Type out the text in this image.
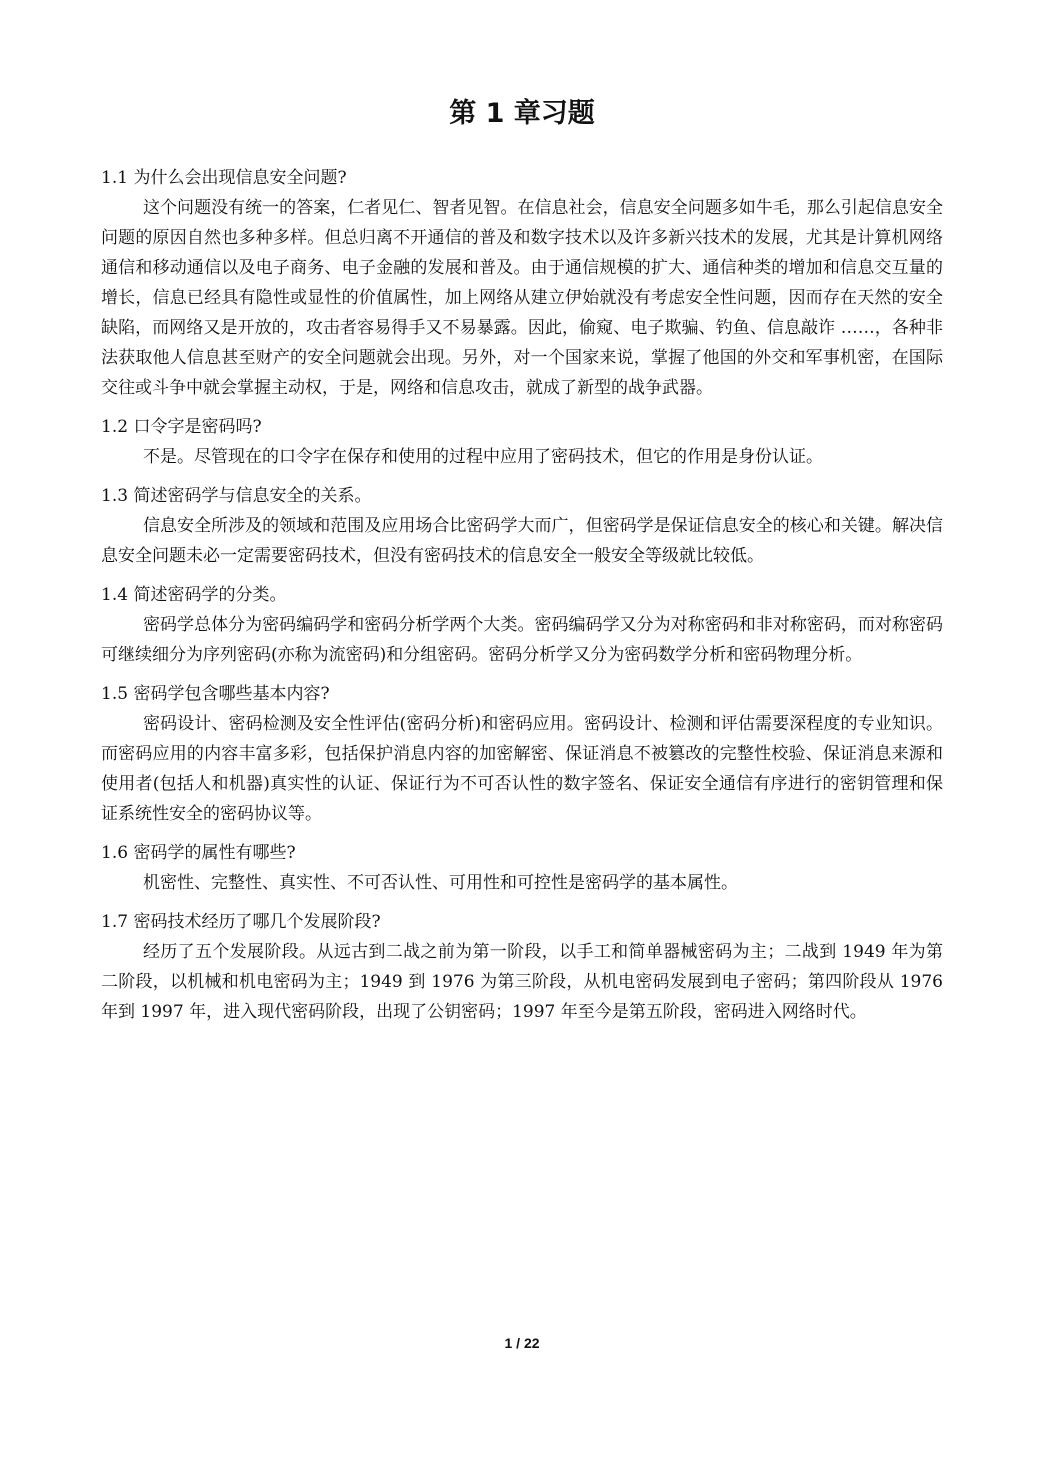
第 1 章习题
1.1 为什么会出现信息安全问题?

这个问题没有统一的答案，仁者见仁、智者见智。在信息社会，信息安全问题多如牛毛，那么引起信息安全问题的原因自然也多种多样。但总归离不开通信的普及和数字技术以及许多新兴技术的发展，尤其是计算机网络通信和移动通信以及电子商务、电子金融的发展和普及。由于通信规模的扩大、通信种类的增加和信息交互量的增长，信息已经具有隐性或显性的价值属性，加上网络从建立伊始就没有考虑安全性问题，因而存在天然的安全缺陷，而网络又是开放的，攻击者容易得手又不易暴露。因此，偷窥、电子欺骗、钓鱼、信息敲诈 ……，各种非法获取他人信息甚至财产的安全问题就会出现。另外，对一个国家来说，掌握了他国的外交和军事机密，在国际交往或斗争中就会掌握主动权，于是，网络和信息攻击，就成了新型的战争武器。

1.2 口令字是密码吗?

不是。尽管现在的口令字在保存和使用的过程中应用了密码技术，但它的作用是身份认证。

1.3 简述密码学与信息安全的关系。

信息安全所涉及的领域和范围及应用场合比密码学大而广，但密码学是保证信息安全的核心和关键。解决信息安全问题未必一定需要密码技术，但没有密码技术的信息安全一般安全等级就比较低。

1.4 简述密码学的分类。

密码学总体分为密码编码学和密码分析学两个大类。密码编码学又分为对称密码和非对称密码，而对称密码可继续细分为序列密码(亦称为流密码)和分组密码。密码分析学又分为密码数学分析和密码物理分析。

1.5 密码学包含哪些基本内容?

密码设计、密码检测及安全性评估(密码分析)和密码应用。密码设计、检测和评估需要深程度的专业知识。而密码应用的内容丰富多彩，包括保护消息内容的加密解密、保证消息不被篡改的完整性校验、保证消息来源和使用者(包括人和机器)真实性的认证、保证行为不可否认性的数字签名、保证安全通信有序进行的密钥管理和保证系统性安全的密码协议等。

1.6 密码学的属性有哪些?

机密性、完整性、真实性、不可否认性、可用性和可控性是密码学的基本属性。

1.7 密码技术经历了哪几个发展阶段?

经历了五个发展阶段。从远古到二战之前为第一阶段，以手工和简单器械密码为主；二战到 1949 年为第二阶段，以机械和机电密码为主；1949 到 1976 为第三阶段，从机电密码发展到电子密码；第四阶段从 1976 年到 1997 年，进入现代密码阶段，出现了公钥密码；1997 年至今是第五阶段，密码进入网络时代。

1 / 22
